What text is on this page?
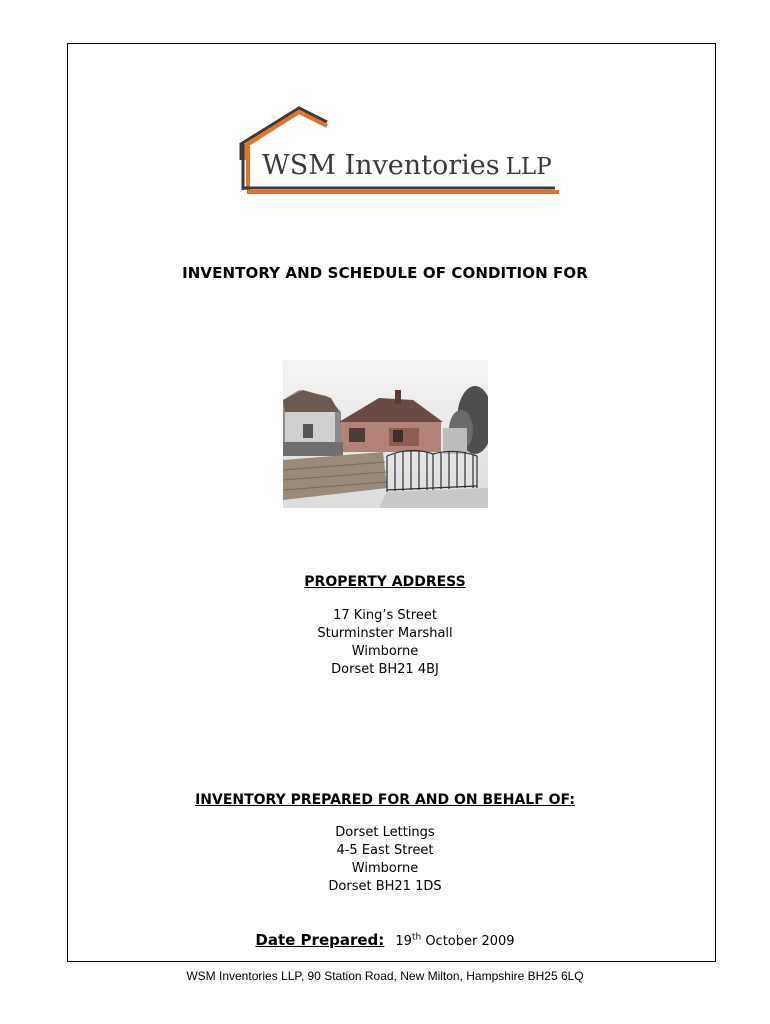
WSM Inventories LLP
INVENTORY AND SCHEDULE OF CONDITION FOR
PROPERTY ADDRESS
17 King’s Street
Sturminster Marshall
Wimborne
Dorset BH21 4BJ
INVENTORY PREPARED FOR AND ON BEHALF OF:
Dorset Lettings
4-5 East Street
Wimborne
Dorset BH21 1DS
Date Prepared: 19th October 2009
WSM Inventories LLP, 90 Station Road, New Milton, Hampshire BH25 6LQ
